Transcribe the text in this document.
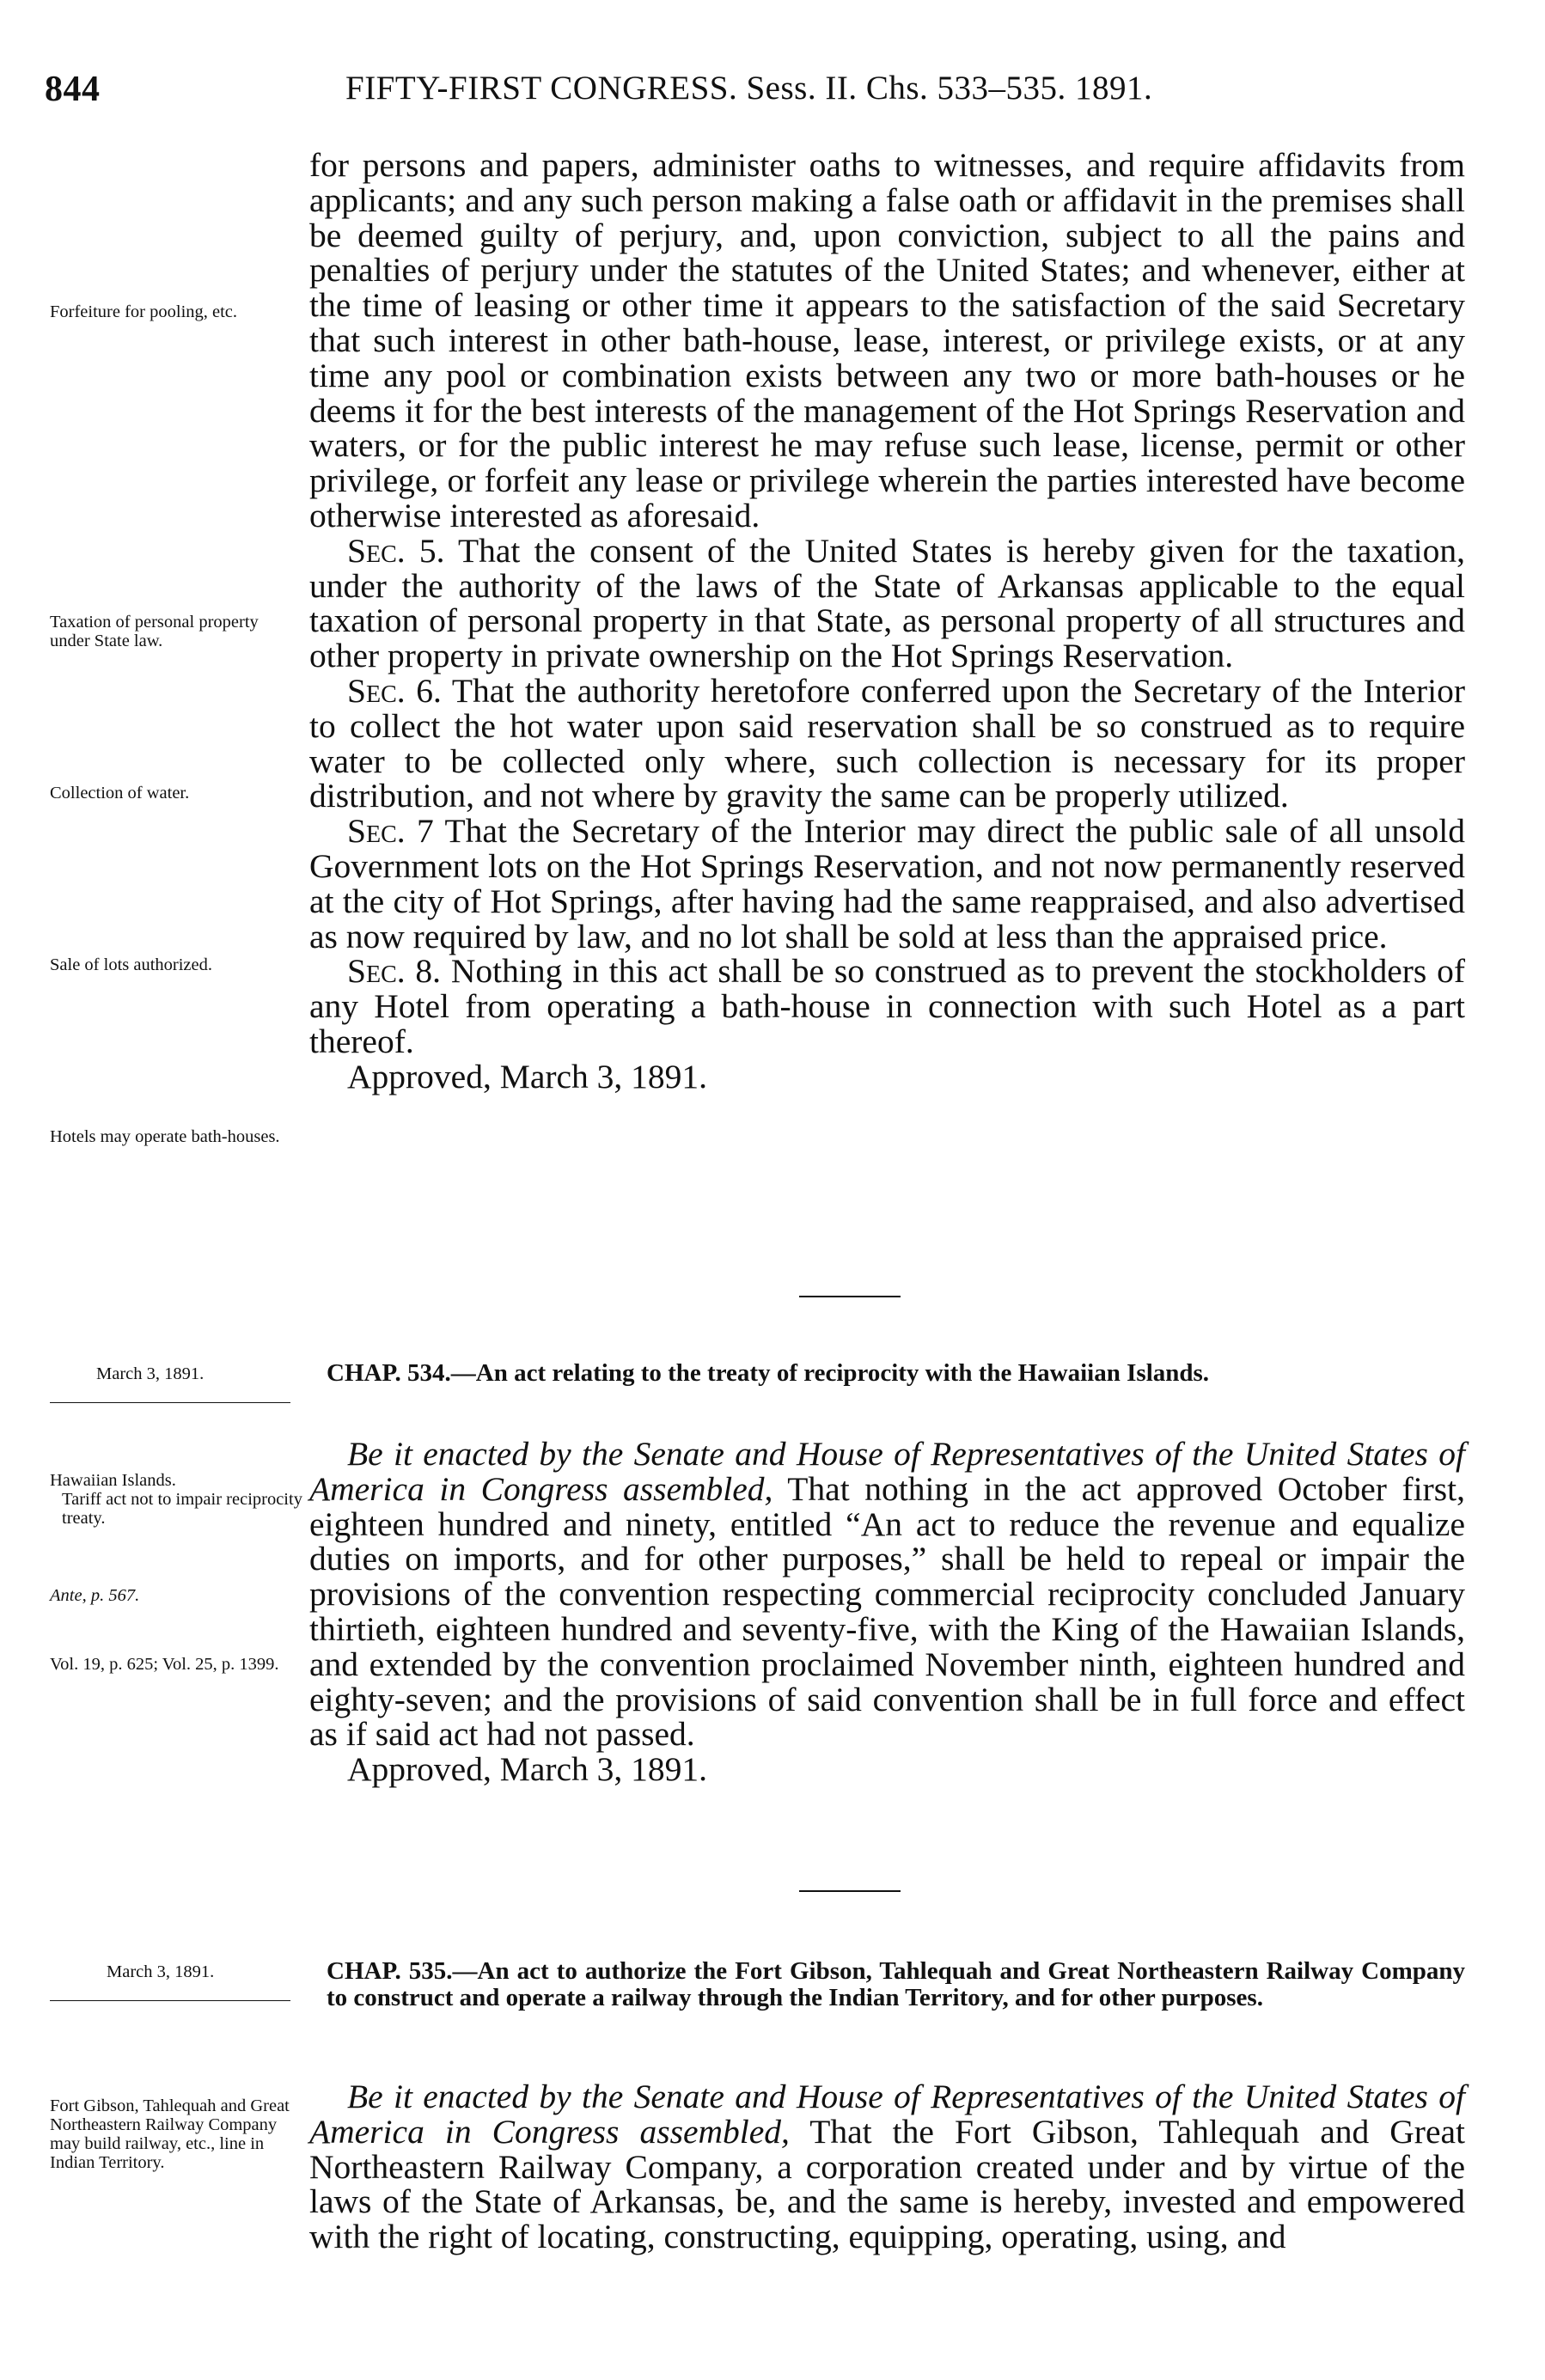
844	FIFTY-FIRST CONGRESS. Sess. II. Chs. 533–535. 1891.

for persons and papers, administer oaths to witnesses, and require affidavits from applicants; and any such person making a false oath or affidavit in the premises shall be deemed guilty of perjury, and, upon conviction, subject to all the pains and penalties of perjury under the statutes of the United States; and whenever, either at the time of leasing or other time it appears to the satisfaction of the said Secretary that such interest in other bath-house, lease, interest, or privilege exists, or at any time any pool or combination exists between any two or more bath-houses or he deems it for the best interests of the management of the Hot Springs Reservation and waters, or for the public interest he may refuse such lease, license, permit or other privilege, or forfeit any lease or privilege wherein the parties interested have become otherwise interested as aforesaid.

Sec. 5. That the consent of the United States is hereby given for the taxation, under the authority of the laws of the State of Arkansas applicable to the equal taxation of personal property in that State, as personal property of all structures and other property in private ownership on the Hot Springs Reservation.

Sec. 6. That the authority heretofore conferred upon the Secretary of the Interior to collect the hot water upon said reservation shall be so construed as to require water to be collected only where, such collection is necessary for its proper distribution, and not where by gravity the same can be properly utilized.

Sec. 7 That the Secretary of the Interior may direct the public sale of all unsold Government lots on the Hot Springs Reservation, and not now permanently reserved at the city of Hot Springs, after having had the same reappraised, and also advertised as now required by law, and no lot shall be sold at less than the appraised price.

Sec. 8. Nothing in this act shall be so construed as to prevent the stockholders of any Hotel from operating a bath-house in connection with such Hotel as a part thereof.

Approved, March 3, 1891.
Forfeiture for pooling, etc.
Taxation of personal property under State law.
Collection of water.
Sale of lots authorized.
Hotels may operate bath-houses.
March 3, 1891.	CHAP. 534.—An act relating to the treaty of reciprocity with the Hawaiian Islands.

Be it enacted by the Senate and House of Representatives of the United States of America in Congress assembled, That nothing in the act approved October first, eighteen hundred and ninety, entitled “An act to reduce the revenue and equalize duties on imports, and for other purposes,” shall be held to repeal or impair the provisions of the convention respecting commercial reciprocity concluded January thirtieth, eighteen hundred and seventy-five, with the King of the Hawaiian Islands, and extended by the convention proclaimed November ninth, eighteen hundred and eighty-seven; and the provisions of said convention shall be in full force and effect as if said act had not passed.

Approved, March 3, 1891.
Hawaiian Islands.
Tariff act not to impair reciprocity treaty.
Ante, p. 567.
Vol. 19, p. 625; Vol. 25, p. 1399.
March 3, 1891.	CHAP. 535.—An act to authorize the Fort Gibson, Tahlequah and Great Northeastern Railway Company to construct and operate a railway through the Indian Territory, and for other purposes.

Be it enacted by the Senate and House of Representatives of the United States of America in Congress assembled, That the Fort Gibson, Tahlequah and Great Northeastern Railway Company, a corporation created under and by virtue of the laws of the State of Arkansas, be, and the same is hereby, invested and empowered with the right of locating, constructing, equipping, operating, using, and

Fort Gibson, Tahlequah and Great Northeastern Railway Company may build railway, etc., line in Indian Territory.
